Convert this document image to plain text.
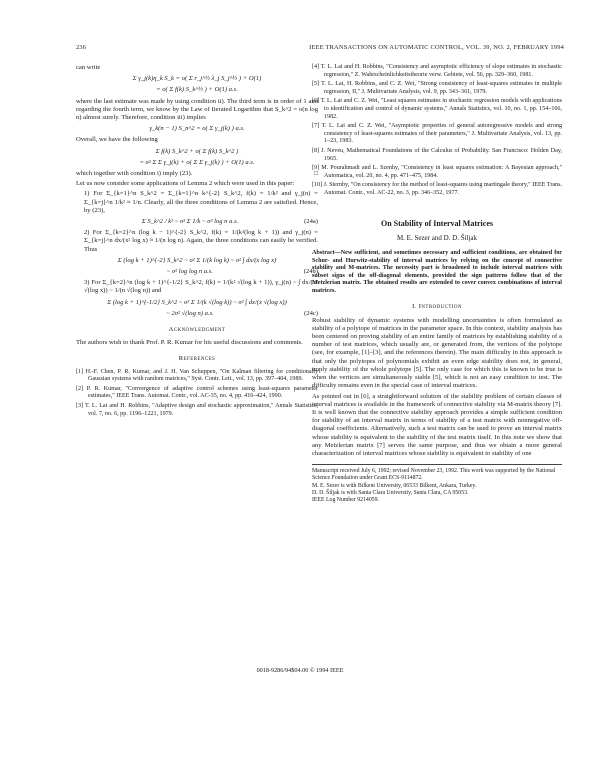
236	IEEE TRANSACTIONS ON AUTOMATIC CONTROL, VOL. 39, NO. 2, FEBRUARY 1994

can write

Σ γ_j(k)η_k S_k = o( Σ r_j^½ λ_j S_j^½ ) + O(1)
= o( Σ f(k) S_k^½ ) + O(1) a.s.

where the last estimate was made by using condition ii). The third term is in order of 1 and regarding the fourth term, we know by the Law of Iterated Logarithm that S_k^2 = o(n log n) almost surely. Therefore, condition iii) implies

γ_k(n − 1) S_n^2 = o( Σ γ_j(k) ) a.s.

Overall, we have the following

Σ f(k) S_k^2 + o( Σ f(k) S_k^2 )
= σ² Σ Σ γ_j(k) + o( Σ Σ γ_j(k) ) + O(1) a.s.

which together with condition i) imply (23).	□

Let us now consider some applications of Lemma 2 which were used in this paper:

1) For Σ_{k=1}^n S_k^2 = Σ_{k=1}^n k^{-2} S_k^2, f(k) = 1/k² and γ_j(n) = Σ_{k=j}^n 1/k² ≈ 1/n. Clearly, all the three conditions of Lemma 2 are satisfied. Hence, by (23),

Σ S_k^2 / k² ~ σ² Σ 1/k ~ σ² log n a.s.	(24a)

2) For Σ_{k=2}^n (log k − 1)^{-2} S_k^2, f(k) = 1/(k²(log k + 1)) and γ_j(n) = Σ_{k=j}^n dx/(x² log x) ≈ 1/(n log n). Again, the three conditions can easily be verified. Thus

Σ (log k + 1)^{-2} S_k^2 ~ σ² Σ 1/(k log k) ~ σ² ∫ dx/(x log x)
~ σ² log log n a.s.	(24b)

3) For Σ_{k=2}^n (log k + 1)^{-1/2} S_k^2, f(k) = 1/(k² √(log k + 1)), γ_j(n) ~ ∫ dx/(x² √(log x)) ~ 1/(n √(log n)) and

Σ (log k + 1)^{-1/2} S_k^2 ~ σ² Σ 1/(k √(log k)) ~ σ² ∫ dx/(x √(log x))
~ 2σ² √(log n) a.s.	(24c)
Acknowledgment

The authors wish to thank Prof. P. R. Kumar for his useful discussions and comments.

References

[1] H.-F. Chen, P. R. Kumar, and J. H. Van Schuppen, "On Kalman filtering for conditionally Gaussian systems with random matrices," Syst. Contr. Lett., vol. 13, pp. 397–404, 1989.

[2] P. R. Kumar, "Convergence of adaptive control schemes using least-squares parameter estimates," IEEE Trans. Automat. Contr., vol. AC-35, no. 4, pp. 416–424, 1990.

[3] T. L. Lai and H. Robbins, "Adaptive design and stochastic approximation," Annals Statistics, vol. 7, no. 6, pp. 1196–1221, 1979.

[4] T. L. Lai and H. Robbins, "Consistency and asymptotic efficiency of slope estimates in stochastic regression," Z. Wahrscheinlichkeitstheorie verw. Gebiete, vol. 56, pp. 329–360, 1981.

[5] T. L. Lai, H. Robbins, and C. Z. Wei, "Strong consistency of least-squares estimates in multiple regression, II," J. Multivariate Analysis, vol. 9, pp. 343–361, 1979.

[6] T. L. Lai and C. Z. Wei, "Least squares estimates in stochastic regression models with applications to identification and control of dynamic systems," Annals Statistics, vol. 10, no. 1, pp. 154–166, 1982.

[7] T. L. Lai and C. Z. Wei, "Asymptotic properties of general autoregressive models and strong consistency of least-squares estimates of their parameters," J. Multivariate Analysis, vol. 13, pp. 1–23, 1983.

[8] J. Neveu, Mathematical Foundations of the Calculus of Probability. San Francisco: Holden Day, 1965.

[9] M. Pourahmadi and L. Szenhy, "Consistency in least squares estimation: A Bayesian approach," Automatica, vol. 20, no. 4, pp. 471–475, 1984.

[10] J. Sternby, "On consistency for the method of least-squares using martingale theory," IEEE Trans. Automat. Contr., vol. AC-22, no. 3, pp. 346–352, 1977.

On Stability of Interval Matrices
M. E. Sezer and D. D. Šiljak

Abstract—New sufficient, and sometimes necessary and sufficient conditions, are obtained for Schur- and Hurwitz-stability of interval matrices by relying on the concept of connective stability and M-matrices. The necessity part is broadened to include interval matrices with subset signs of the off-diagonal elements, provided the sign patterns follow that of the Metzlerian matrix. The obtained results are extended to cover convex combinations of interval matrices.

I. Introduction

Robust stability of dynamic systems with modelling uncertainties is often formulated as stability of a polytope of matrices in the parameter space. In this context, stability analysis has been centered on proving stability of an entire family of matrices by establishing stability of a number of test matrices, which usually are, or generated from, the vertices of the polytope (see, for example, [1]–[3], and the references therein). The main difficulty in this approach is that only the polytopes of polynomials exhibit an even edge stability does not, in general, imply stability of the whole polytope [5]. The only case for which this is known to be true is when the vertices are simultaneously stable [5], which is not an easy condition to test. The difficulty remains even in the special case of interval matrices.

As pointed out in [6], a straightforward solution of the stability problem of certain classes of interval matrices is available in the framework of connective stability via M-matrix theory [7]. It is well known that the connective stability approach provides a simple sufficient condition for stability of an interval matrix in terms of stability of a test matrix with nonnegative off-diagonal coefficients. Alternatively, such a test matrix can be used to prove an interval matrix whose stability is equivalent to the stability of the test matrix itself. In this note we show that any Metzlerian matrix [7] serves the same purpose, and thus we obtain a more general characterization of interval matrices whose stability is equivalent to stability of one

Manuscript received July 6, 1992; revised November 23, 1992. This work was supported by the National Science Foundation under Grant ECS-9114872.

M. E. Sezer is with Bilkent University, 06533 Bilkent, Ankara, Turkey.

D. D. Šiljak is with Santa Clara University, Santa Clara, CA 95053.

IEEE Log Number 9214059.

0018-9286/94$04.00 © 1994 IEEE
